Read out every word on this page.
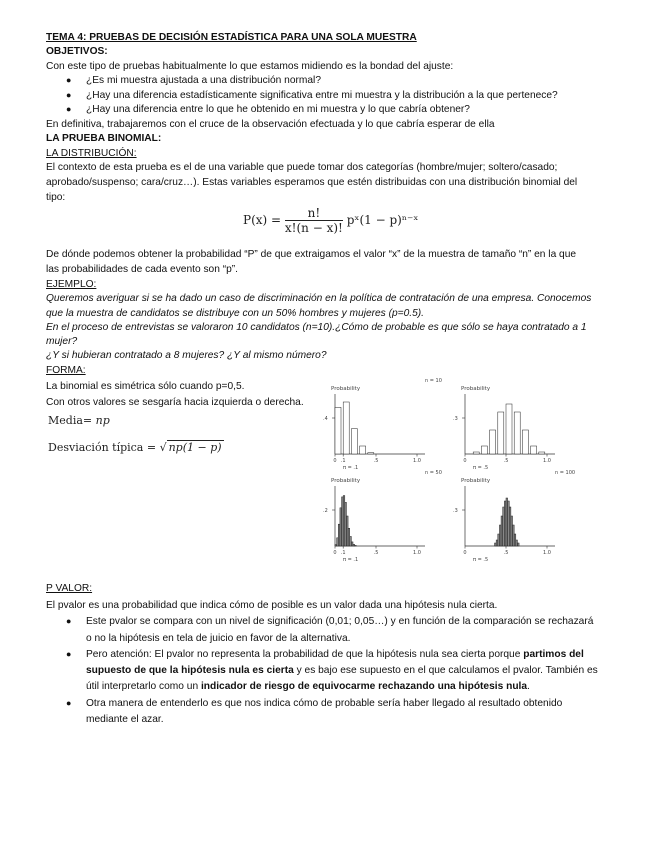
TEMA 4: PRUEBAS DE DECISIÓN ESTADÍSTICA PARA UNA SOLA MUESTRA
OBJETIVOS:
Con este tipo de pruebas habitualmente lo que estamos midiendo es la bondad del ajuste:
● ¿Es mi muestra ajustada a una distribución normal?
● ¿Hay una diferencia estadísticamente significativa entre mi muestra y la distribución a la que pertenece?
● ¿Hay una diferencia entre lo que he obtenido en mi muestra y lo que cabría obtener?
En definitiva, trabajaremos con el cruce de la observación efectuada y lo que cabría esperar de ella
LA PRUEBA BINOMIAL:
LA DISTRIBUCIÓN:
El contexto de esta prueba es el de una variable que puede tomar dos categorías (hombre/mujer; soltero/casado;
aprobado/suspenso; cara/cruz…). Estas variables esperamos que estén distribuidas con una distribución binomial del
tipo:
$P(x) = \frac{n!}{x!(n - x)!}$ pˣ(1 − p)ⁿ⁻ˣ
De dónde podemos obtener la probabilidad “P” de que extraigamos el valor “x” de la muestra de tamaño “n” en la que
las probabilidades de cada evento son “p”.
EJEMPLO:
Queremos averiguar si se ha dado un caso de discriminación en la política de contratación de una empresa. Conocemos
que la muestra de candidatos se distribuye con un 50% hombres y mujeres (p=0.5).
En el proceso de entrevistas se valoraron 10 candidatos (n=10).¿Cómo de probable es que sólo se haya contratado a 1
mujer?
¿Y si hubieran contratado a 8 mujeres? ¿Y al mismo número?
FORMA:
La binomial es simétrica sólo cuando p=0,5.
Con otros valores se sesgaría hacia izquierda o derecha.
Media= np
Desviación típica = √ np(1 − p)
n = 10
Probability
.4
0 .1	.5	1.0
π = .1
Probability
.3
0	.5	1.0
π = .5
n = 50
Probability
.2
0 .1	.5	1.0
π = .1
n = 100
Probability
.3
0	.5	1.0
π = .5
P VALOR:
El pvalor es una probabilidad que indica cómo de posible es un valor dada una hipótesis nula cierta.
● Este pvalor se compara con un nivel de significación (0,01; 0,05…) y en función de la comparación se rechazará
o no la hipótesis en tela de juicio en favor de la alternativa.
● Pero atención: El pvalor no representa la probabilidad de que la hipótesis nula sea cierta porque partimos del
supuesto de que la hipótesis nula es cierta y es bajo ese supuesto en el que calculamos el pvalor. También es
útil interpretarlo como un indicador de riesgo de equivocarme rechazando una hipótesis nula.
● Otra manera de entenderlo es que nos indica cómo de probable sería haber llegado al resultado obtenido
mediante el azar.
